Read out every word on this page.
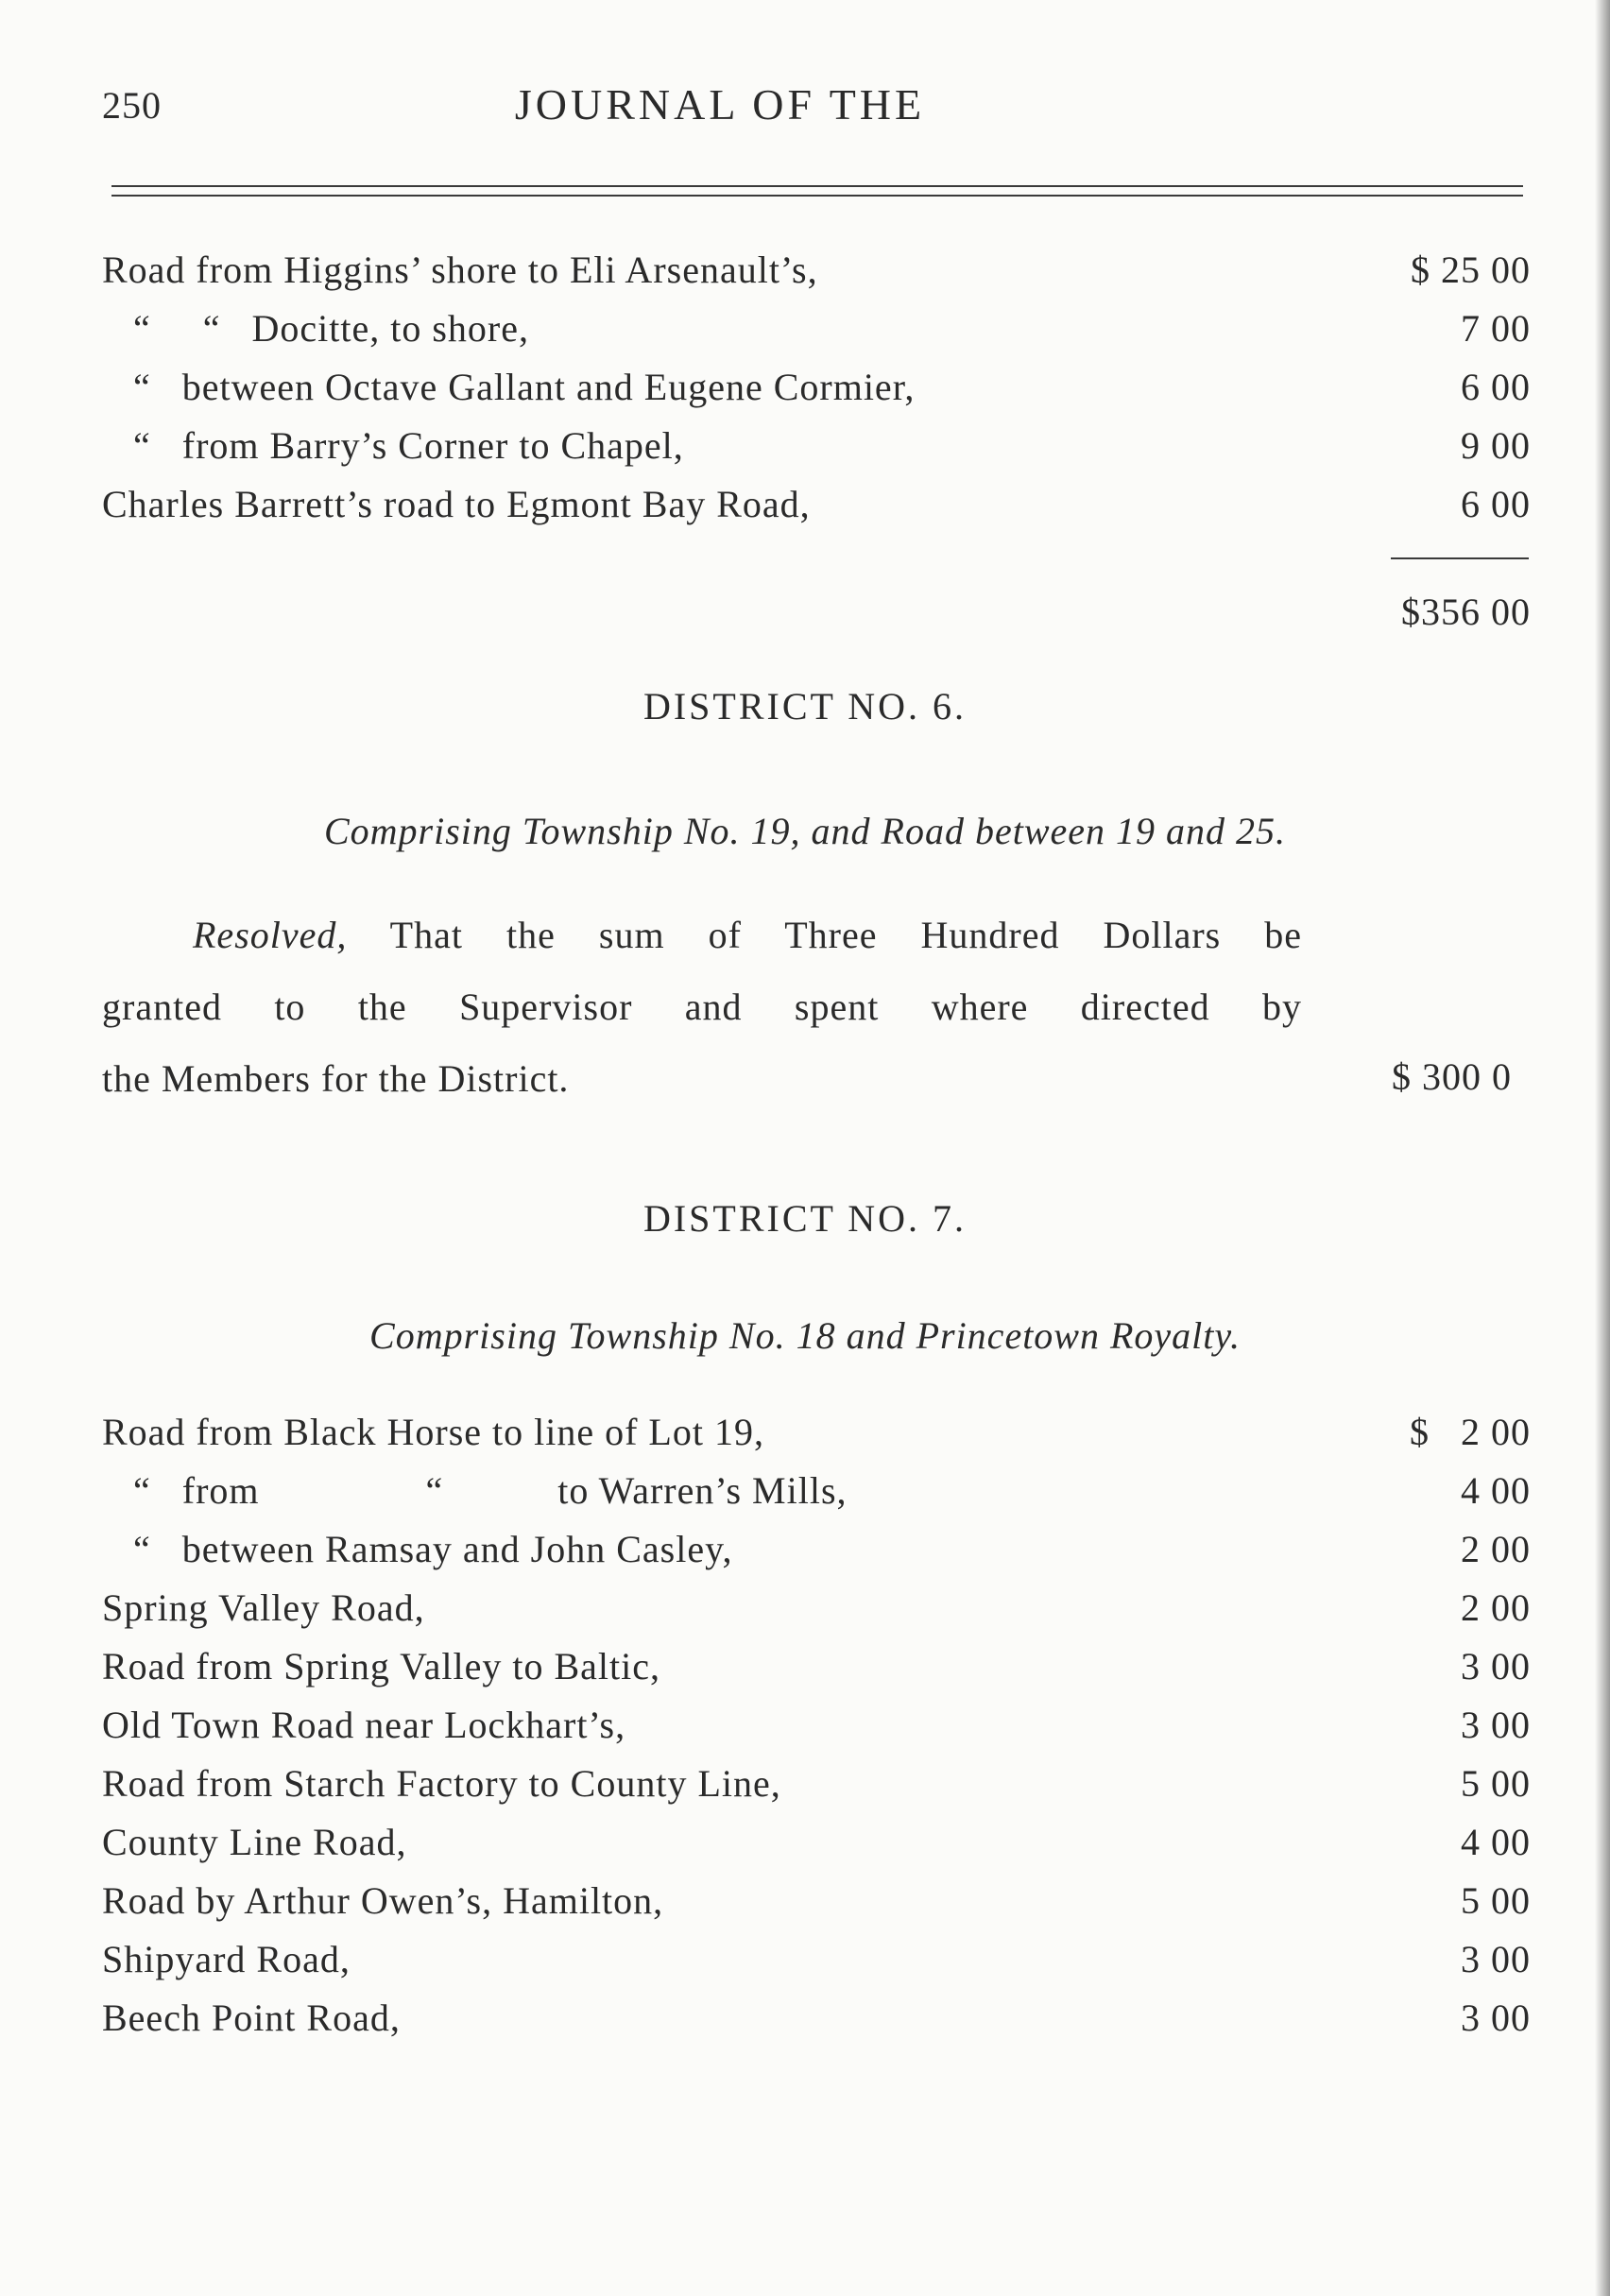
250	JOURNAL OF THE
Road from Higgins’ shore to Eli Arsenault’s,	$ 25 00
“     “   Docitte, to shore,	7 00
“   between Octave Gallant and Eugene Cormier,	6 00
“   from Barry’s Corner to Chapel,	9 00
Charles Barrett’s road to Egmont Bay Road,	6 00
$356 00
DISTRICT NO. 6.
Comprising Township No. 19, and Road between 19 and 25.
Resolved, That the sum of Three Hundred Dollars be
granted to the Supervisor and spent where directed by
the Members for the District.	$ 300 0
DISTRICT NO. 7.
Comprising Township No. 18 and Princetown Royalty.
Road from Black Horse to line of Lot 19,	$   2 00
“   from                “           to Warren’s Mills,	4 00
“   between Ramsay and John Casley,	2 00
Spring Valley Road,	2 00
Road from Spring Valley to Baltic,	3 00
Old Town Road near Lockhart’s,	3 00
Road from Starch Factory to County Line,	5 00
County Line Road,	4 00
Road by Arthur Owen’s, Hamilton,	5 00
Shipyard Road,	3 00
Beech Point Road,	3 00
